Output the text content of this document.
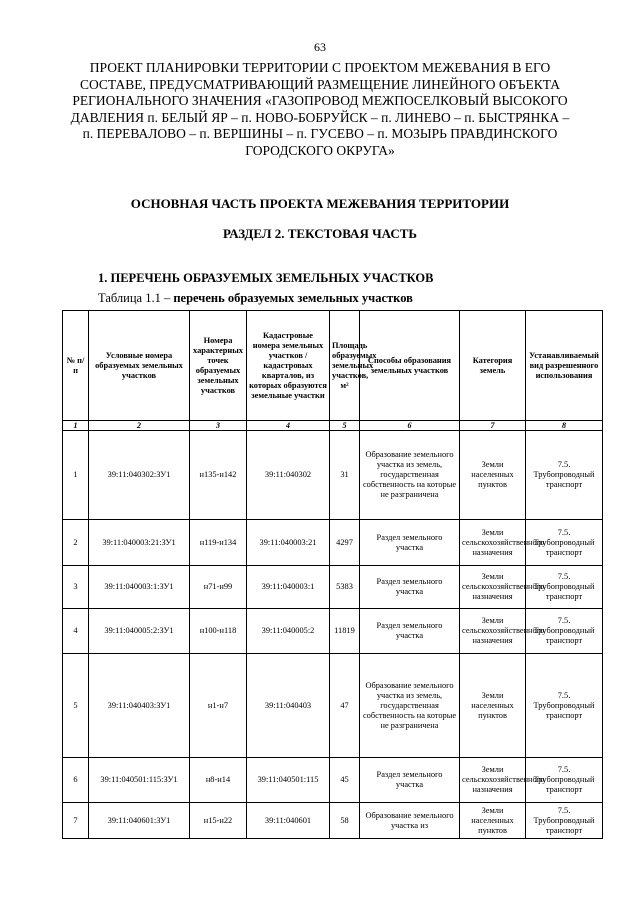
63
ПРОЕКТ ПЛАНИРОВКИ ТЕРРИТОРИИ С ПРОЕКТОМ МЕЖЕВАНИЯ В ЕГО СОСТАВЕ, ПРЕДУСМАТРИВАЮЩИЙ РАЗМЕЩЕНИЕ ЛИНЕЙНОГО ОБЪЕКТА РЕГИОНАЛЬНОГО ЗНАЧЕНИЯ «ГАЗОПРОВОД МЕЖПОСЕЛКОВЫЙ ВЫСОКОГО ДАВЛЕНИЯ п. БЕЛЫЙ ЯР – п. НОВО-БОБРУЙСК – п. ЛИНЕВО – п. БЫСТРЯНКА – п. ПЕРЕВАЛОВО – п. ВЕРШИНЫ – п. ГУСЕВО – п. МОЗЫРЬ ПРАВДИНСКОГО ГОРОДСКОГО ОКРУГА»
ОСНОВНАЯ ЧАСТЬ ПРОЕКТА МЕЖЕВАНИЯ ТЕРРИТОРИИ
РАЗДЕЛ 2. ТЕКСТОВАЯ ЧАСТЬ
1. ПЕРЕЧЕНЬ ОБРАЗУЕМЫХ ЗЕМЕЛЬНЫХ УЧАСТКОВ
Таблица 1.1 – перечень образуемых земельных участков
№ п/п	Условные номера образуемых земельных участков	Номера характерных точек образуемых земельных участков	Кадастровые номера земельных участков / кадастровых кварталов, из которых образуются земельные участки	Площадь образуемых земельных участков, м²	Способы образования земельных участков	Категория земель	Устанавливаемый вид разрешенного использования
1	2	3	4	5	6	7	8
1	39:11:040302:ЗУ1	н135-н142	39:11:040302	31	Образование земельного участка из земель, государственная собственность на которые не разграничена	Земли населенных пунктов	7.5. Трубопроводный транспорт
2	39:11:040003:21:ЗУ1	н119-н134	39:11:040003:21	4297	Раздел земельного участка	Земли сельскохозяйственного назначения	7.5. Трубопроводный транспорт
3	39:11:040003:1:ЗУ1	н71-н99	39:11:040003:1	5383	Раздел земельного участка	Земли сельскохозяйственного назначения	7.5. Трубопроводный транспорт
4	39:11:040005:2:ЗУ1	н100-н118	39:11:040005:2	11819	Раздел земельного участка	Земли сельскохозяйственного назначения	7.5. Трубопроводный транспорт
5	39:11:040403:ЗУ1	н1-н7	39:11:040403	47	Образование земельного участка из земель, государственная собственность на которые не разграничена	Земли населенных пунктов	7.5. Трубопроводный транспорт
6	39:11:040501:115:ЗУ1	н8-н14	39:11:040501:115	45	Раздел земельного участка	Земли сельскохозяйственного назначения	7.5. Трубопроводный транспорт
7	39:11:040601:ЗУ1	н15-н22	39:11:040601	58	Образование земельного участка из	Земли населенных пунктов	7.5. Трубопроводный транспорт
